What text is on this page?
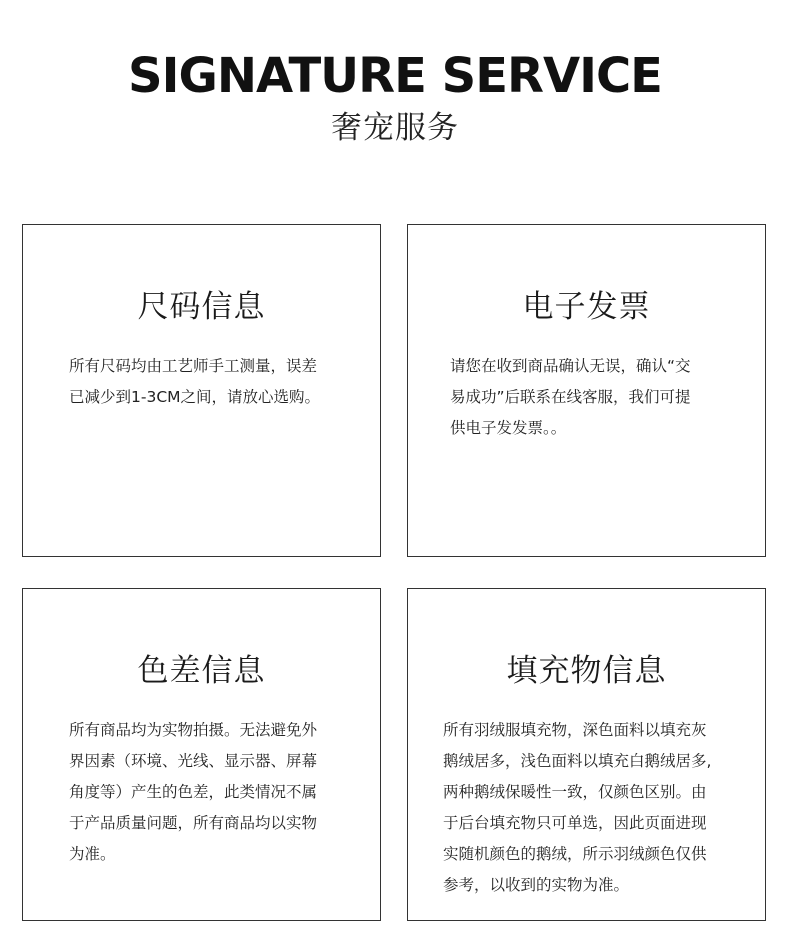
SIGNATURE SERVICE
奢宠服务
尺码信息
所有尺码均由工艺师手工测量，误差
已减少到1-3CM之间，请放心选购。
电子发票
请您在收到商品确认无误，确认“交
易成功”后联系在线客服，我们可提
供电子发发票。。
色差信息
所有商品均为实物拍摄。无法避免外
界因素（环境、光线、显示器、屏幕
角度等）产生的色差，此类情况不属
于产品质量问题，所有商品均以实物
为准。
填充物信息
所有羽绒服填充物，深色面料以填充灰
鹅绒居多，浅色面料以填充白鹅绒居多,
两种鹅绒保暖性一致，仅颜色区别。由
于后台填充物只可单选，因此页面进现
实随机颜色的鹅绒，所示羽绒颜色仅供
参考，以收到的实物为准。
